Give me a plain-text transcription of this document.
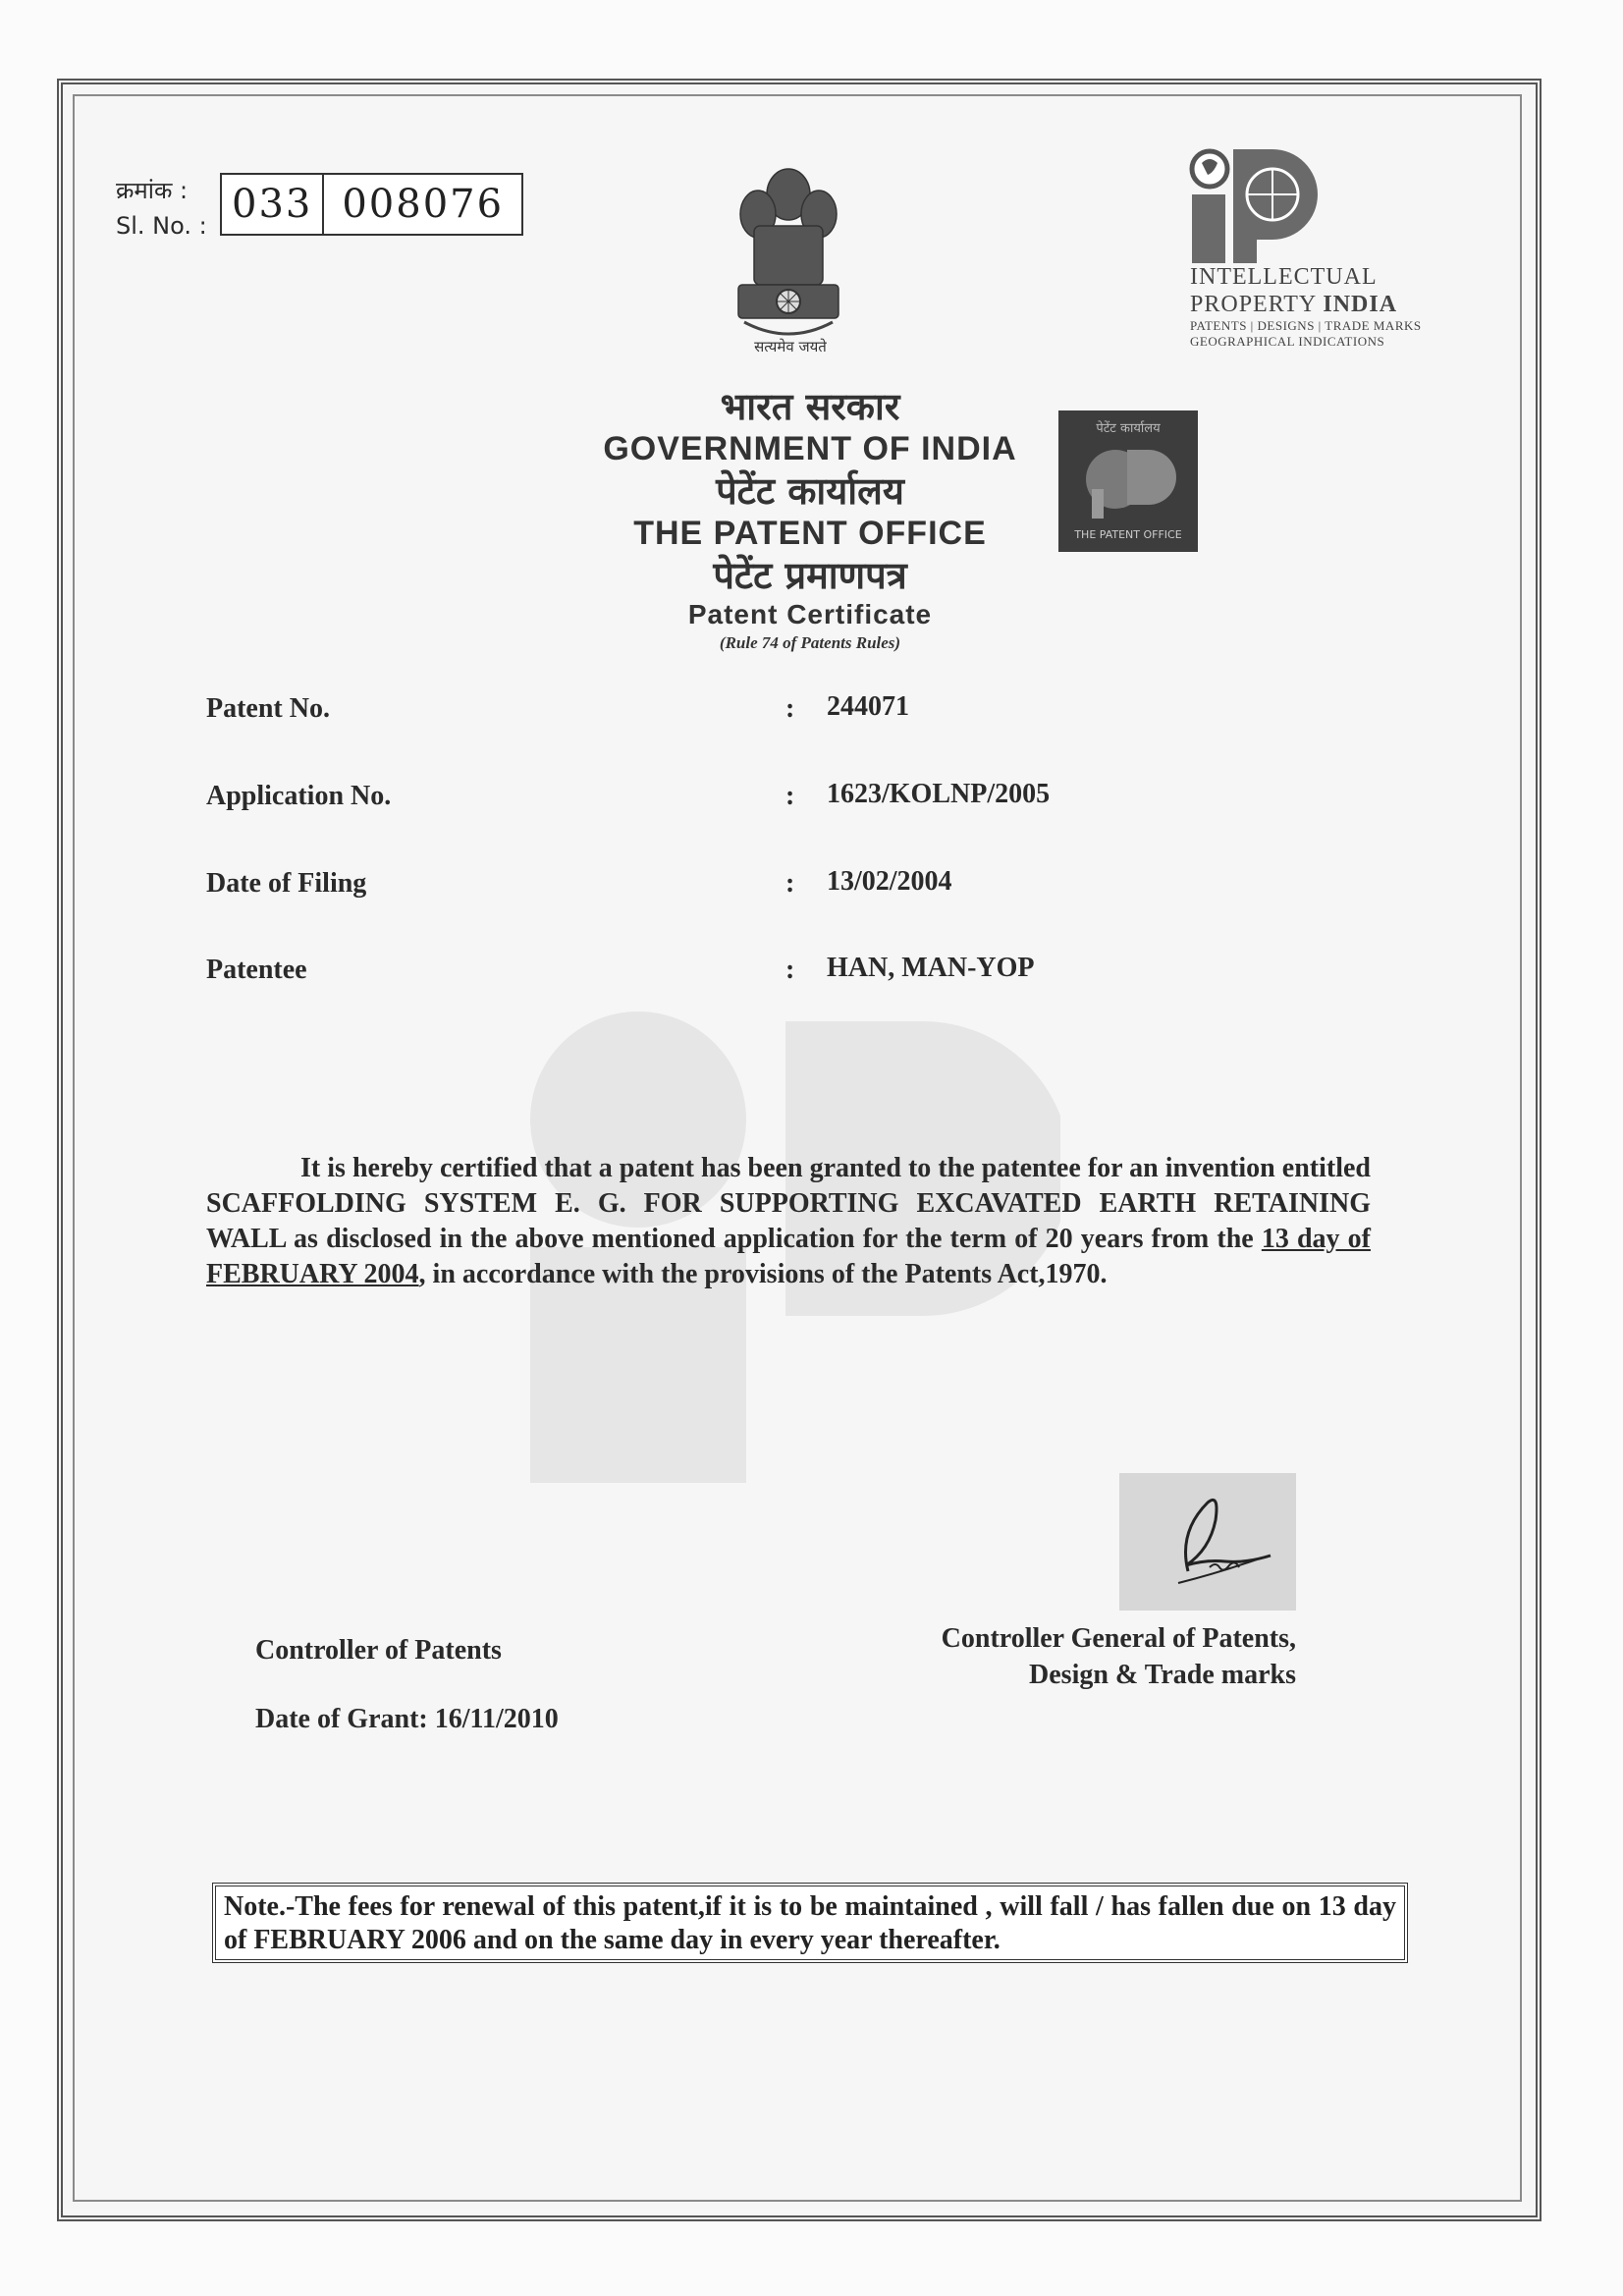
क्रमांक :
Sl. No. : 033 008076
सत्यमेव जयते
INTELLECTUAL
PROPERTY INDIA
PATENTS | DESIGNS | TRADE MARKS
GEOGRAPHICAL INDICATIONS
भारत सरकार
GOVERNMENT OF INDIA
पेटेंट कार्यालय
THE PATENT OFFICE
पेटेंट प्रमाणपत्र
Patent Certificate
(Rule 74 of Patents Rules)
पेटेंट कार्यालय
THE PATENT OFFICE
Patent No.	: 244071
Application No.	: 1623/KOLNP/2005
Date of Filing	: 13/02/2004
Patentee	: HAN, MAN-YOP
It is hereby certified that a patent has been granted to the patentee for an invention entitled SCAFFOLDING SYSTEM E. G. FOR SUPPORTING EXCAVATED EARTH RETAINING WALL as disclosed in the above mentioned application for the term of 20 years from the 13 day of FEBRUARY 2004, in accordance with the provisions of the Patents Act,1970.
Controller of Patents	Controller General of Patents,
Design & Trade marks
Date of Grant: 16/11/2010
Note.-The fees for renewal of this patent,if it is to be maintained , will fall / has fallen due on 13 day of FEBRUARY 2006 and on the same day in every year thereafter.
